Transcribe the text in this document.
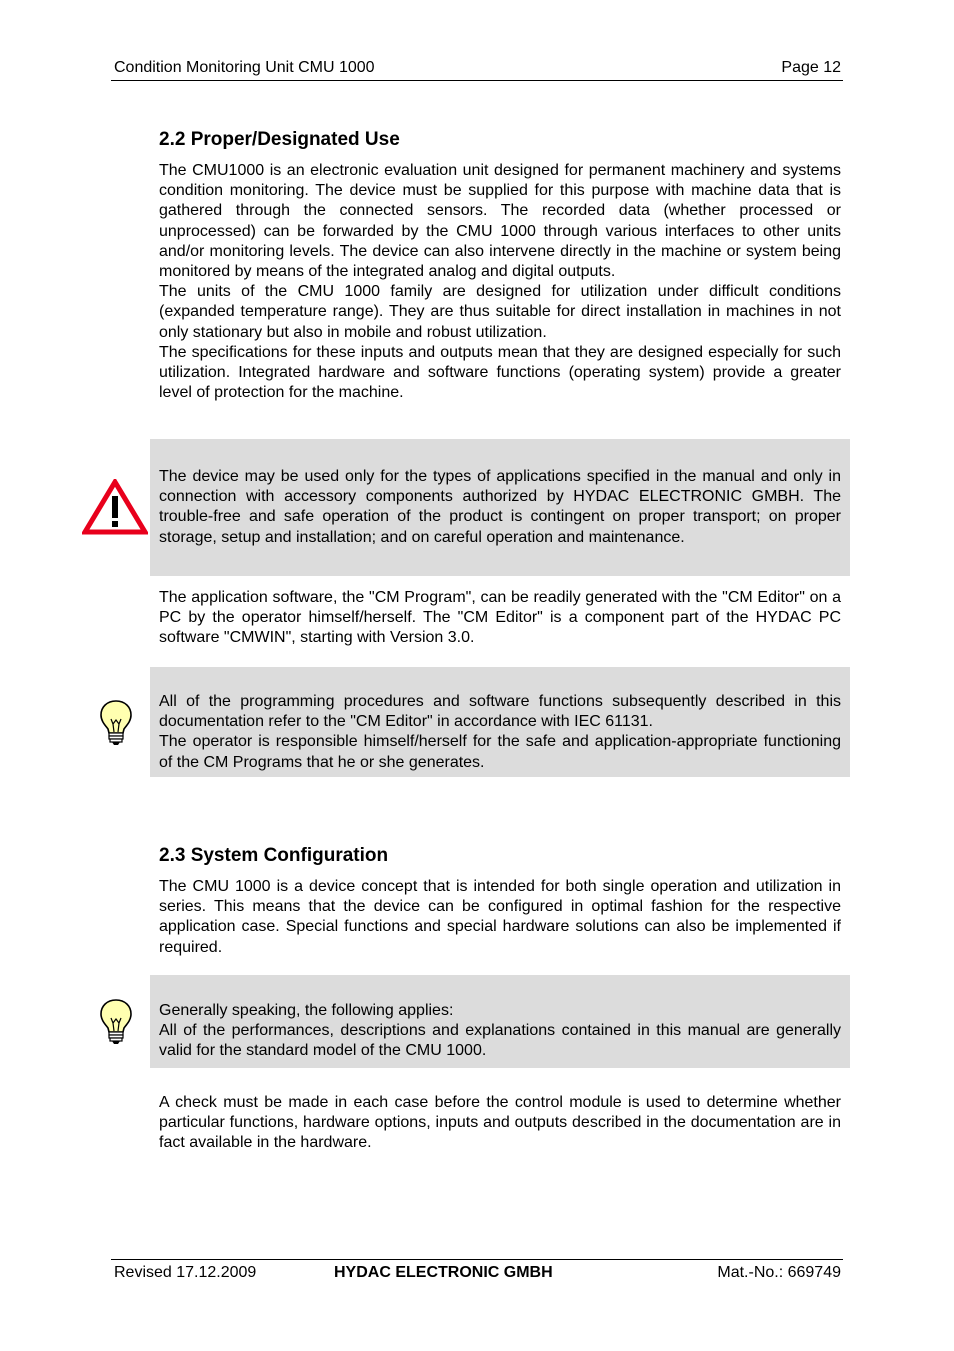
Condition Monitoring Unit CMU 1000	Page 12
2.2 Proper/Designated Use

The CMU1000 is an electronic evaluation unit designed for permanent machinery and systems condition monitoring. The device must be supplied for this purpose with machine data that is gathered through the connected sensors. The recorded data (whether processed or unprocessed) can be forwarded by the CMU 1000 through various interfaces to other units and/or monitoring levels. The device can also intervene directly in the machine or system being monitored by means of the integrated analog and digital outputs.

The units of the CMU 1000 family are designed for utilization under difficult conditions (expanded temperature range). They are thus suitable for direct installation in machines in not only stationary but also in mobile and robust utilization.

The specifications for these inputs and outputs mean that they are designed especially for such utilization. Integrated hardware and software functions (operating system) provide a greater level of protection for the machine.

The device may be used only for the types of applications specified in the manual and only in connection with accessory components authorized by HYDAC ELECTRONIC GMBH. The trouble-free and safe operation of the product is contingent on proper transport; on proper storage, setup and installation; and on careful operation and maintenance.

The application software, the "CM Program", can be readily generated with the "CM Editor" on a PC by the operator himself/herself. The "CM Editor" is a component part of the HYDAC PC software "CMWIN", starting with Version 3.0.

All of the programming procedures and software functions subsequently described in this documentation refer to the "CM Editor" in accordance with IEC 61131.

The operator is responsible himself/herself for the safe and application-appropriate functioning of the CM Programs that he or she generates.

2.3 System Configuration

The CMU 1000 is a device concept that is intended for both single operation and utilization in series. This means that the device can be configured in optimal fashion for the respective application case. Special functions and special hardware solutions can also be implemented if required.

Generally speaking, the following applies:

All of the performances, descriptions and explanations contained in this manual are generally valid for the standard model of the CMU 1000.

A check must be made in each case before the control module is used to determine whether particular functions, hardware options, inputs and outputs described in the documentation are in fact available in the hardware.

Revised 17.12.2009	HYDAC ELECTRONIC GMBH	Mat.-No.: 669749
